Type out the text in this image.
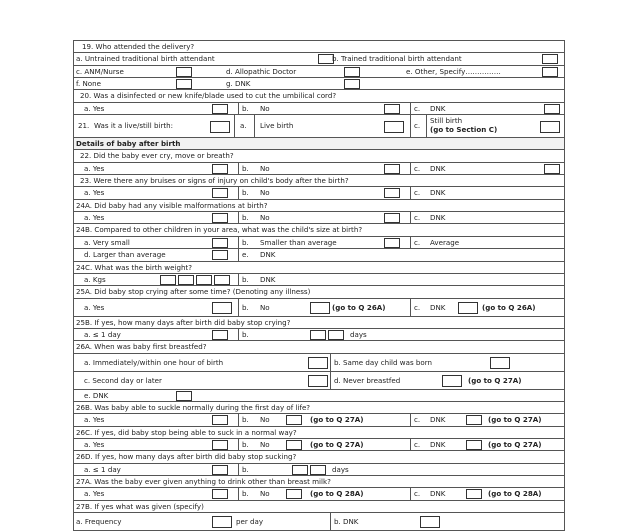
19. Who attended the delivery?
a. Untrained traditional birth attendant	b. Trained traditional birth attendant
c. ANM/Nurse	d. Allopathic Doctor	e. Other, Specify……………
f. None	g. DNK
20. Was a disinfected or new knife/blade used to cut the umbilical cord?
a. Yes	b. No	c. DNK
21. Was it a live/still birth:	a. Live birth	c.
Still birth
(go to Section C)
Details of baby after birth
22. Did the baby ever cry, move or breath?
a. Yes	b. No	c. DNK
23. Were there any bruises or signs of injury on child's body after the birth?
a. Yes	b. No	c. DNK
24A. Did baby had any visible malformations at birth?
a. Yes	b. No	c. DNK
24B. Compared to other children in your area, what was the child's size at birth?
a. Very small	b. Smaller than average	c. Average
d. Larger than average	e. DNK
24C. What was the birth weight?
a. Kgs	b. DNK
25A. Did baby stop crying after some time? (Denoting any illness)
a. Yes	b. No	(go to Q 26A)	c. DNK	(go to Q 26A)
25B. If yes, how many days after birth did baby stop crying?
a. ≤ 1 day	b.	days
26A. When was baby first breastfed?
a. Immediately/within one hour of birth	b. Same day child was born
c. Second day or later	d. Never breastfed	(go to Q 27A)
e. DNK
26B. Was baby able to suckle normally during the first day of life?
a. Yes	b. No	(go to Q 27A)	c. DNK	(go to Q 27A)
26C. If yes, did baby stop being able to suck in a normal way?
a. Yes	b. No	(go to Q 27A)	c. DNK	(go to Q 27A)
26D. If yes, how many days after birth did baby stop sucking?
a. ≤ 1 day	b.	days
27A. Was the baby ever given anything to drink other than breast milk?
a. Yes	b. No	(go to Q 28A)	c. DNK	(go to Q 28A)
27B. If yes what was given (specify)
a. Frequency	per day	b. DNK
